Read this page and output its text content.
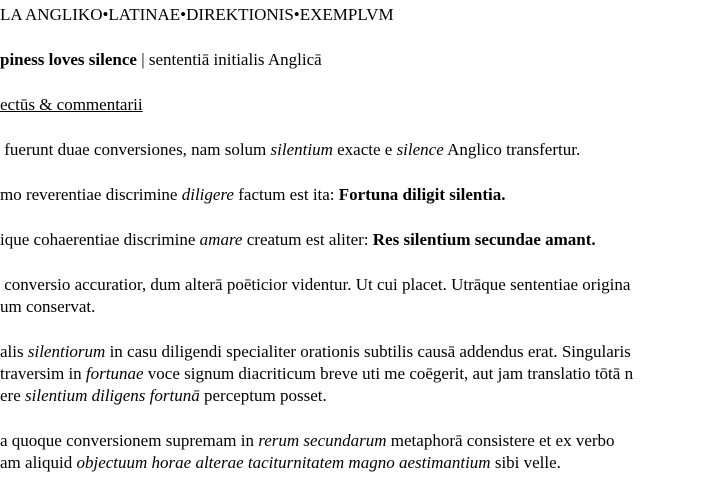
LA ANGLIKO•LATINAE•DIREKTIONIS•EXEMPLVM
piness loves silence | sententiā initialis Anglicā
ectūs & commentarii
fuerunt duae conversiones, nam solum silentium exacte e silence Anglico transfertur.
mo reverentiae discrimine diligere factum est ita: Fortuna diligit silentia.
ique cohaerentiae discrimine amare creatum est aliter: Res silentium secundae amant.
conversio accuratior, dum alterā poēticior videntur. Ut cui placet. Utrāque sententiae origina
um conservat.
alis silentiorum in casu diligendi specialiter orationis subtilis causā addendus erat. Singularis
traversim in fortunae voce signum diacriticum breve uti me coēgerit, aut jam translatio tōtā n
ere silentium diligens fortunā perceptum posset.
a quoque conversionem supremam in rerum secundarum metaphorā consistere et ex verbo
am aliquid objectuum horae alterae taciturnitatem magno aestimantium sibi velle.
